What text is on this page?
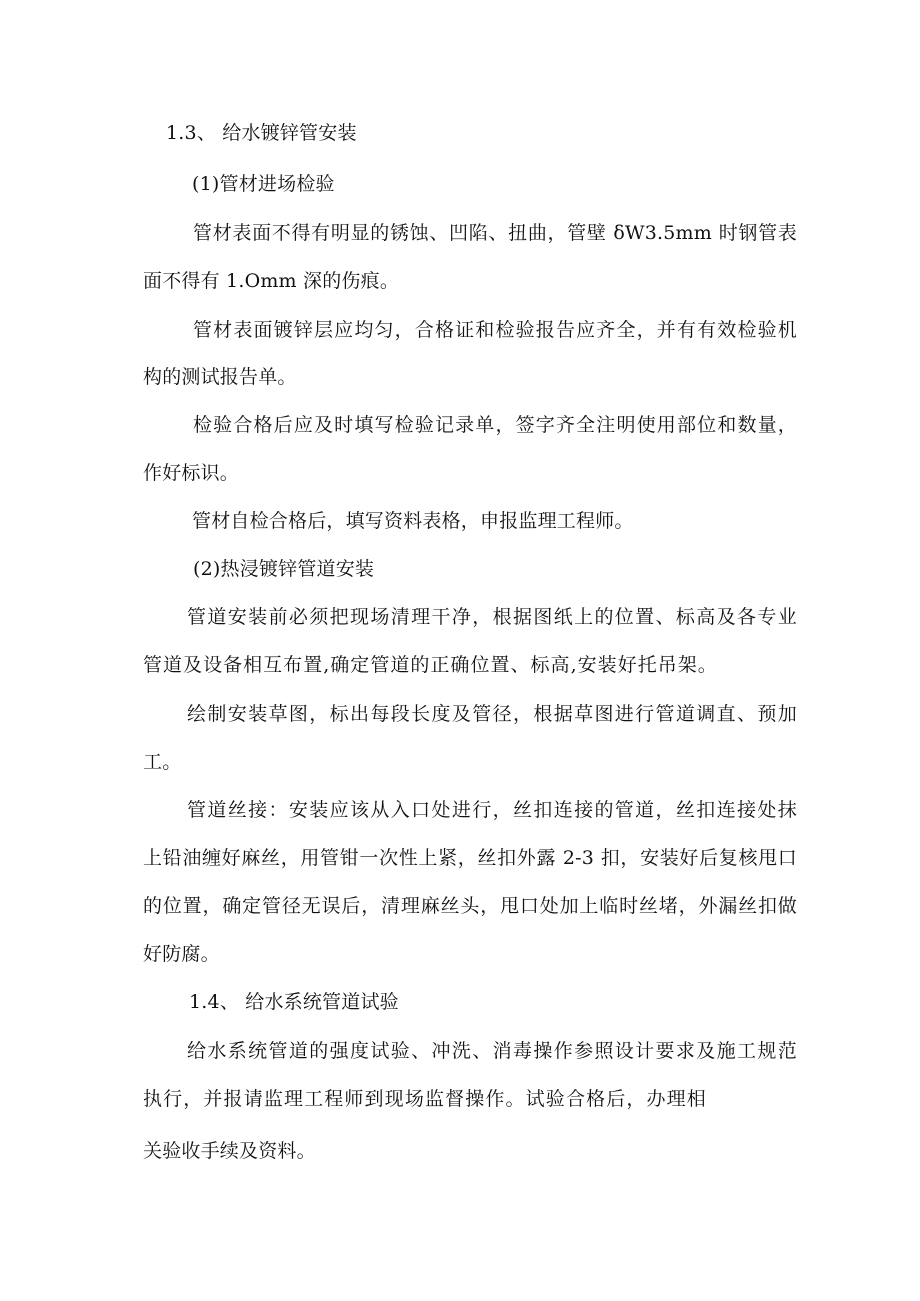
1.3、 给水镀锌管安装
(1)管材进场检验
管材表面不得有明显的锈蚀、凹陷、扭曲，管壁 δW3.5mm 时钢管表
面不得有 1.Omm 深的伤痕。
管材表面镀锌层应均匀，合格证和检验报告应齐全，并有有效检验机
构的测试报告单。
检验合格后应及时填写检验记录单，签字齐全注明使用部位和数量，
作好标识。
管材自检合格后，填写资料表格，申报监理工程师。
(2)热浸镀锌管道安装
管道安装前必须把现场清理干净，根据图纸上的位置、标高及各专业
管道及设备相互布置,确定管道的正确位置、标高,安装好托吊架。
绘制安装草图，标出每段长度及管径，根据草图进行管道调直、预加
工。
管道丝接：安装应该从入口处进行，丝扣连接的管道，丝扣连接处抹
上铅油缠好麻丝，用管钳一次性上紧，丝扣外露 2-3 扣，安装好后复核甩口
的位置，确定管径无误后，清理麻丝头，甩口处加上临时丝堵，外漏丝扣做
好防腐。
1.4、 给水系统管道试验
给水系统管道的强度试验、冲洗、消毒操作参照设计要求及施工规范
执行，并报请监理工程师到现场监督操作。试验合格后，办理相
关验收手续及资料。
